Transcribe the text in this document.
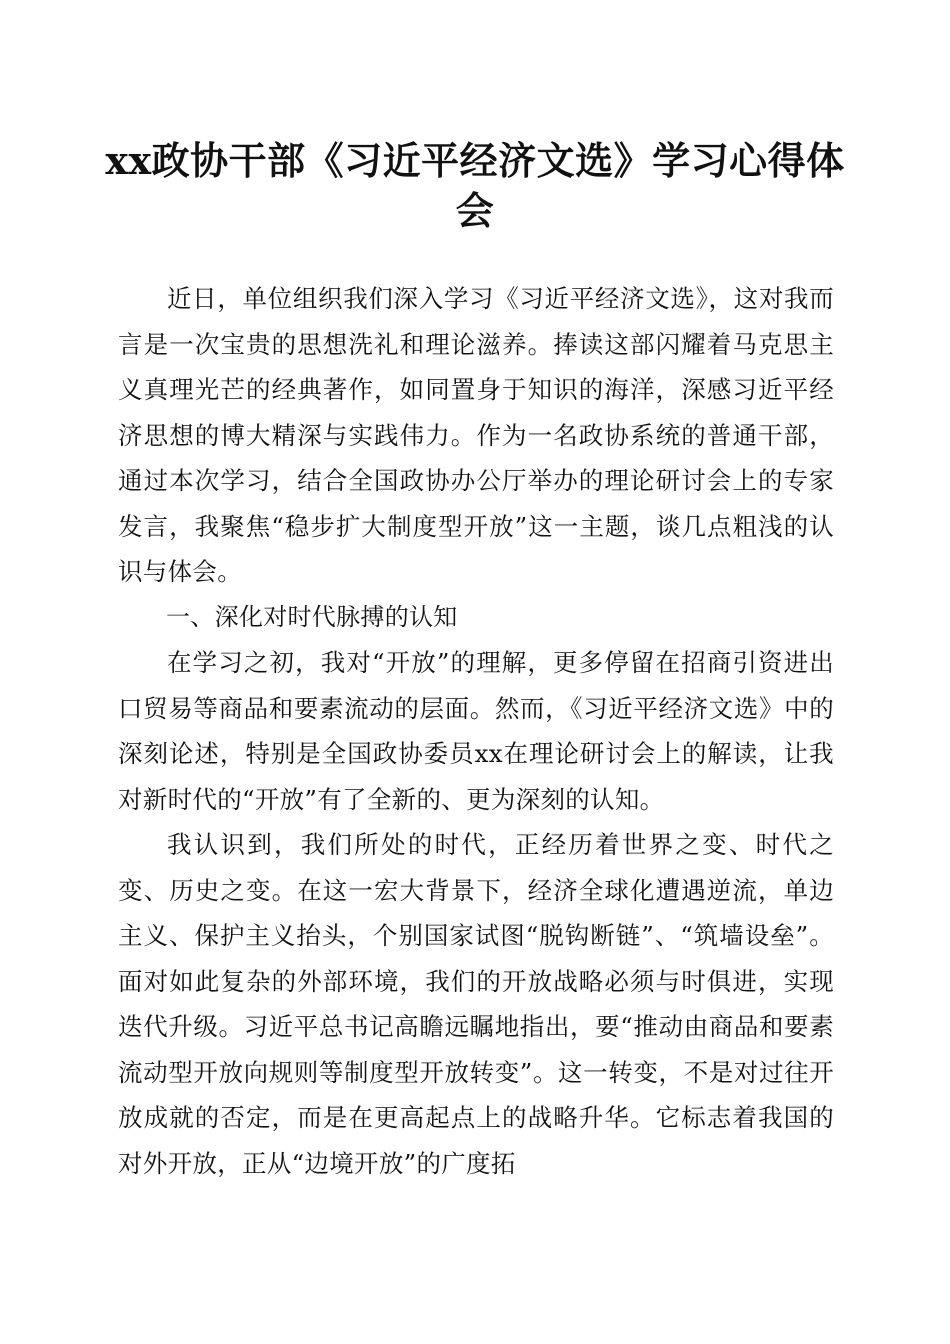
xx政协干部《习近平经济文选》学习心得体会

近日，单位组织我们深入学习《习近平经济文选》，这对我而言是一次宝贵的思想洗礼和理论滋养。捧读这部闪耀着马克思主义真理光芒的经典著作，如同置身于知识的海洋，深感习近平经济思想的博大精深与实践伟力。作为一名政协系统的普通干部，通过本次学习，结合全国政协办公厅举办的理论研讨会上的专家发言，我聚焦“稳步扩大制度型开放”这一主题，谈几点粗浅的认识与体会。

一、深化对时代脉搏的认知

在学习之初，我对“开放”的理解，更多停留在招商引资进出口贸易等商品和要素流动的层面。然而，《习近平经济文选》中的深刻论述，特别是全国政协委员xx在理论研讨会上的解读，让我对新时代的“开放”有了全新的、更为深刻的认知。

我认识到，我们所处的时代，正经历着世界之变、时代之变、历史之变。在这一宏大背景下，经济全球化遭遇逆流，单边主义、保护主义抬头，个别国家试图“脱钩断链”、“筑墙设垒”。面对如此复杂的外部环境，我们的开放战略必须与时俱进，实现迭代升级。习近平总书记高瞻远瞩地指出，要“推动由商品和要素流动型开放向规则等制度型开放转变”。这一转变，不是对过往开放成就的否定，而是在更高起点上的战略升华。它标志着我国的对外开放，正从“边境开放”的广度拓
